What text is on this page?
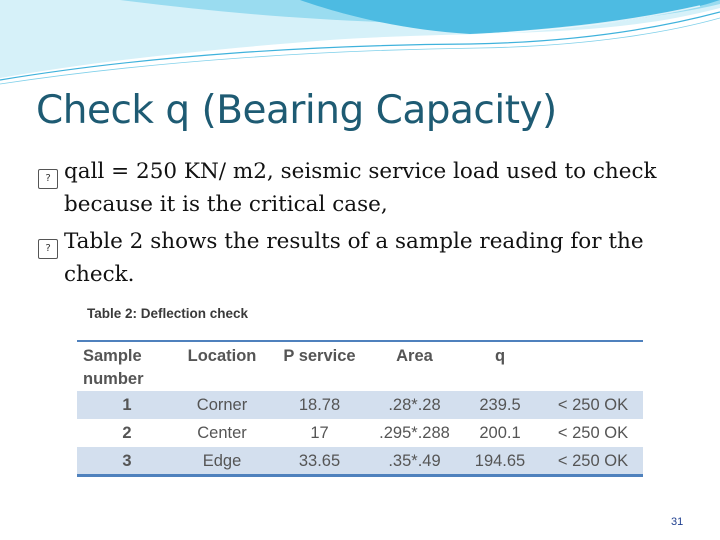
Check q (Bearing Capacity)
? qall = 250 KN/ m2, seismic service load used to check because it is the critical case,
? Table 2 shows the results of a sample reading for the check.
Table 2: Deflection check
Sample number	Location	P service	Area	q	
1	Corner	18.78	.28*.28	239.5	< 250 OK
2	Center	17	.295*.288	200.1	< 250 OK
3	Edge	33.65	.35*.49	194.65	< 250 OK
31
